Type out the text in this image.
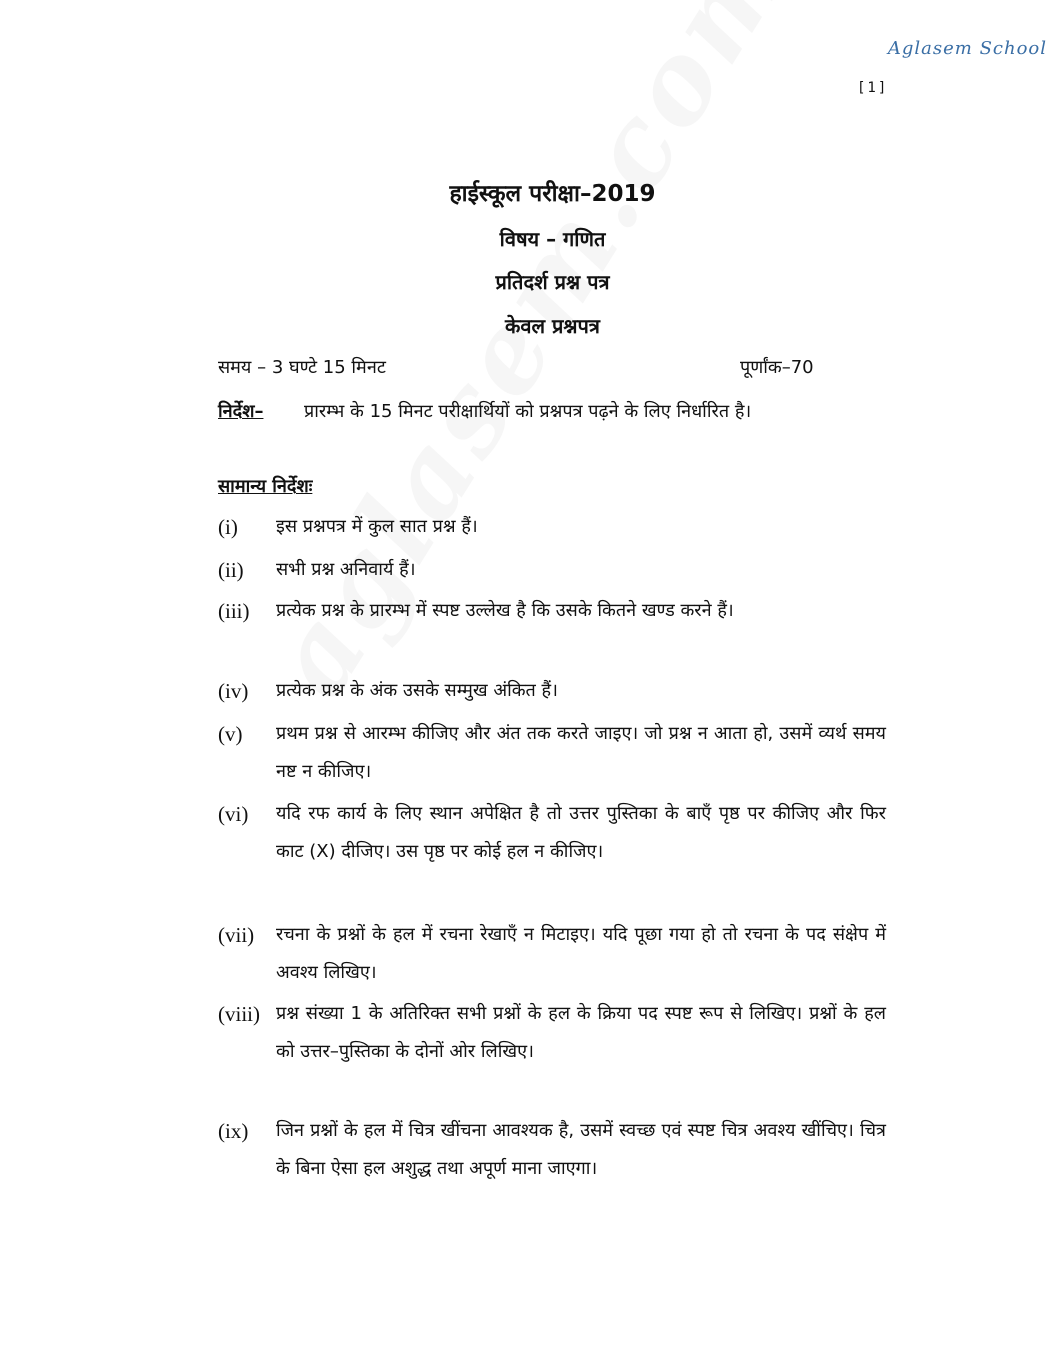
Aglasem School
[1]
हाईस्कूल परीक्षा–2019
विषय – गणित
प्रतिदर्श प्रश्न पत्र
केवल प्रश्नपत्र
समय – 3 घण्टे 15 मिनट	पूर्णांक–70
निर्देश– प्रारम्भ के 15 मिनट परीक्षार्थियों को प्रश्नपत्र पढ़ने के लिए निर्धारित है।
सामान्य निर्देशः
(i) इस प्रश्नपत्र में कुल सात प्रश्न हैं।
(ii) सभी प्रश्न अनिवार्य हैं।
(iii) प्रत्येक प्रश्न के प्रारम्भ में स्पष्ट उल्लेख है कि उसके कितने खण्ड करने हैं।
(iv) प्रत्येक प्रश्न के अंक उसके सम्मुख अंकित हैं।
(v) प्रथम प्रश्न से आरम्भ कीजिए और अंत तक करते जाइए। जो प्रश्न न आता हो, उसमें व्यर्थ समय नष्ट न कीजिए।
(vi) यदि रफ कार्य के लिए स्थान अपेक्षित है तो उत्तर पुस्तिका के बाएँ पृष्ठ पर कीजिए और फिर काट (X) दीजिए। उस पृष्ठ पर कोई हल न कीजिए।
(vii) रचना के प्रश्नों के हल में रचना रेखाएँ न मिटाइए। यदि पूछा गया हो तो रचना के पद संक्षेप में अवश्य लिखिए।
(viii) प्रश्न संख्या 1 के अतिरिक्त सभी प्रश्नों के हल के क्रिया पद स्पष्ट रूप से लिखिए। प्रश्नों के हल को उत्तर–पुस्तिका के दोनों ओर लिखिए।
(ix) जिन प्रश्नों के हल में चित्र खींचना आवश्यक है, उसमें स्वच्छ एवं स्पष्ट चित्र अवश्य खींचिए। चित्र के बिना ऐसा हल अशुद्ध तथा अपूर्ण माना जाएगा।
